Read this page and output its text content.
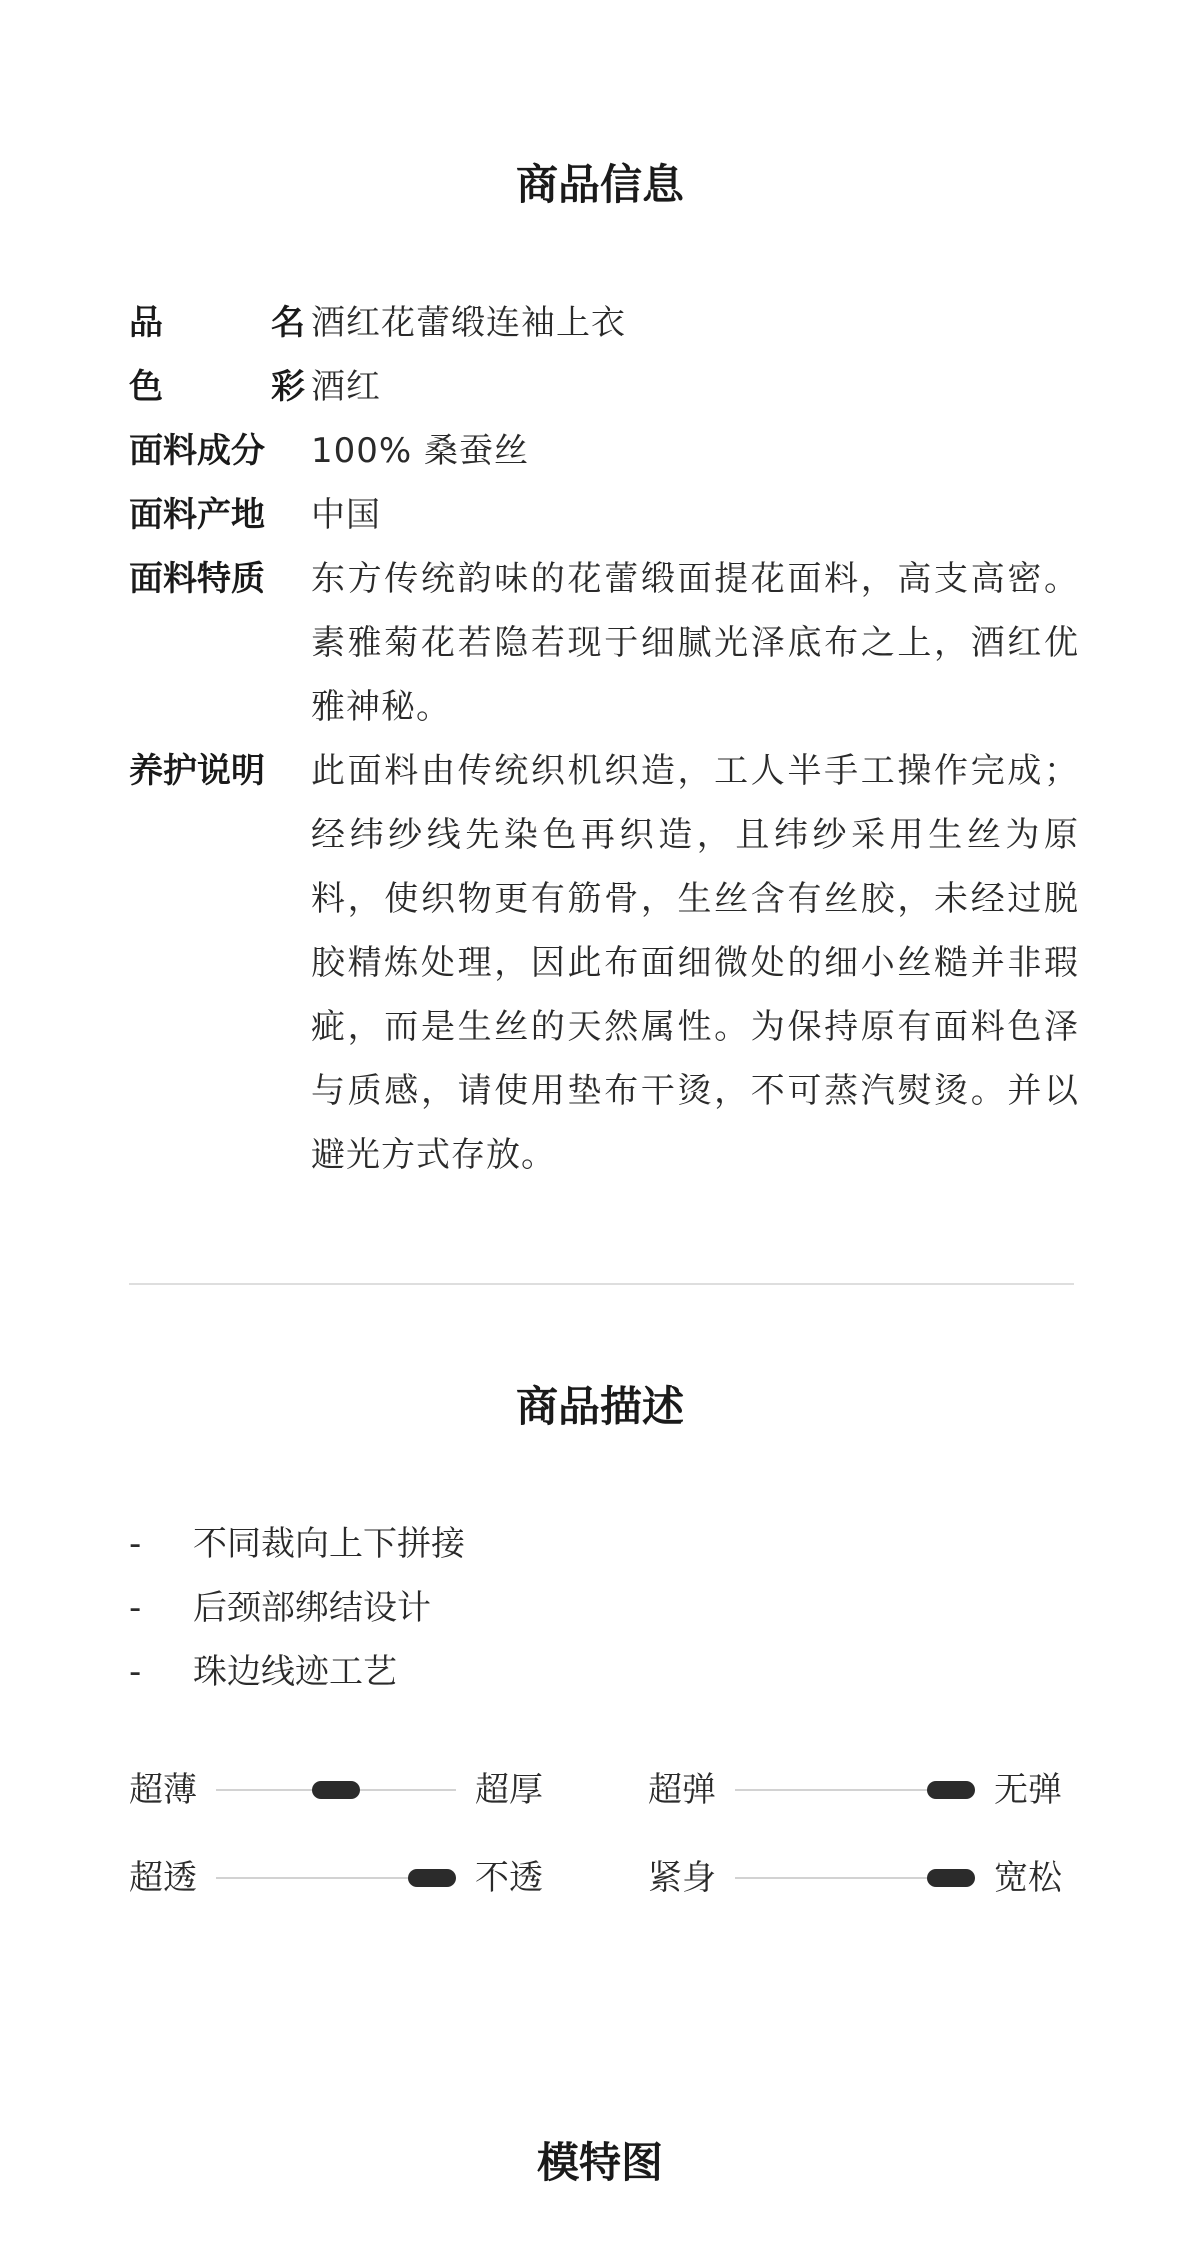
商品信息
品	名 酒红花蕾缎连袖上衣
色	彩 酒红
面料成分	100% 桑蚕丝
面料产地	中国
面料特质	东方传统韵味的花蕾缎面提花面料，高支高密。素雅菊花若隐若现于细腻光泽底布之上，酒红优雅神秘。
养护说明	此面料由传统织机织造，工人半手工操作完成；经纬纱线先染色再织造，且纬纱采用生丝为原料，使织物更有筋骨，生丝含有丝胶，未经过脱胶精炼处理，因此布面细微处的细小丝糙并非瑕疵，而是生丝的天然属性。为保持原有面料色泽与质感，请使用垫布干烫，不可蒸汽熨烫。并以避光方式存放。
商品描述
-	不同裁向上下拼接
-	后颈部绑结设计
-	珠边线迹工艺
超薄	超厚	超弹	无弹
超透	不透	紧身	宽松
模特图
